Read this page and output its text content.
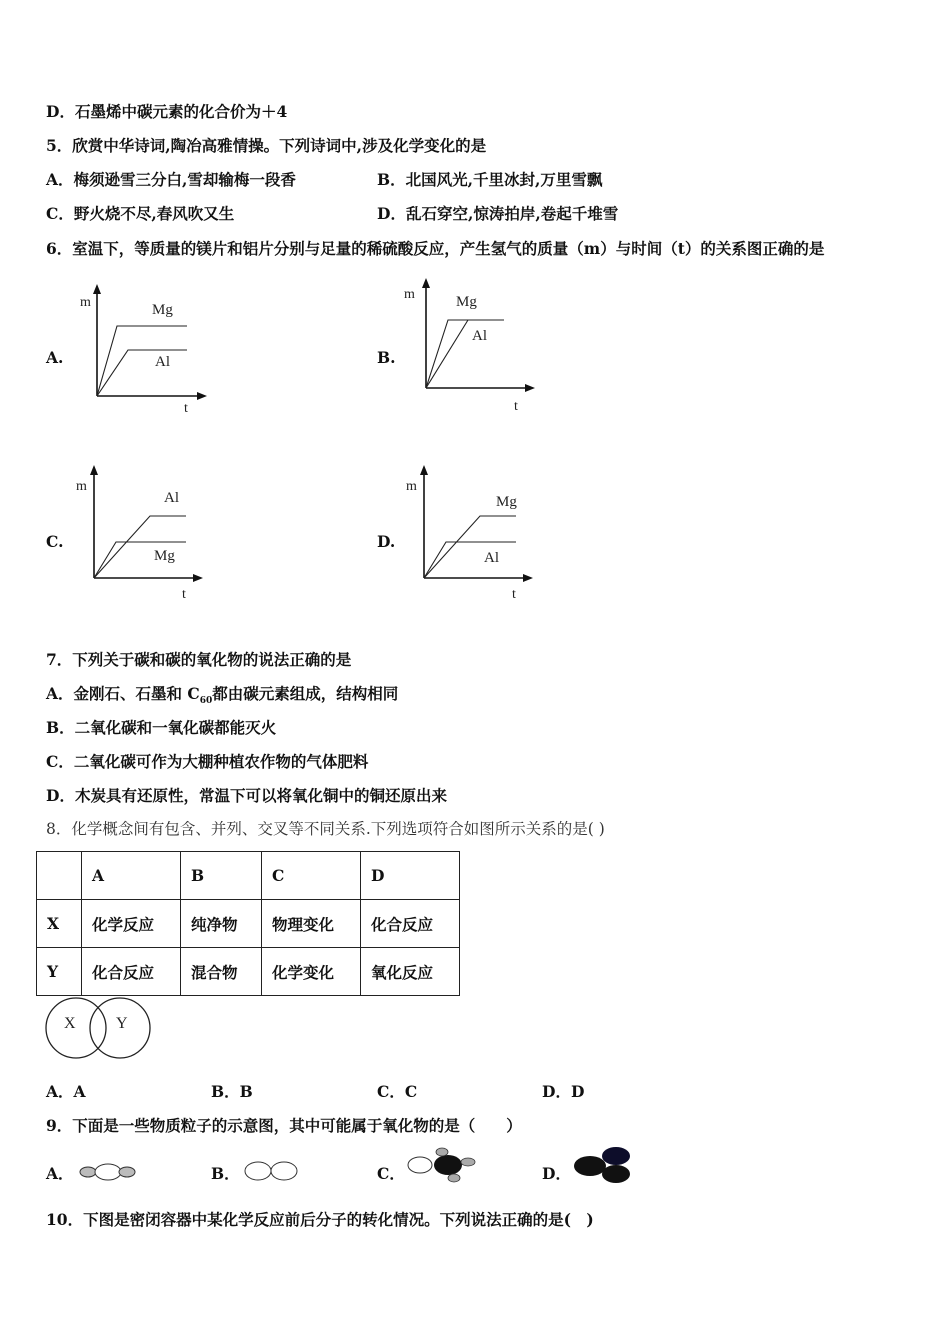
D．石墨烯中碳元素的化合价为＋4
5．欣赏中华诗词,陶冶高雅情操。下列诗词中,涉及化学变化的是
A．梅须逊雪三分白,雪却输梅一段香	B．北国风光,千里冰封,万里雪飘
C．野火烧不尽,春风吹又生	D．乱石穿空,惊涛拍岸,卷起千堆雪
6．室温下，等质量的镁片和铝片分别与足量的稀硫酸反应，产生氢气的质量（m）与时间（t）的关系图正确的是
A.
m
t
Mg
Al	B.
m
t
Mg
Al
C.
m
t
Al
Mg
D.
m
t
Mg
Al
7．下列关于碳和碳的氧化物的说法正确的是
A．金刚石、石墨和 $C_{60}$都由碳元素组成，结构相同
B．二氧化碳和一氧化碳都能灭火
C．二氧化碳可作为大棚种植农作物的气体肥料
D．木炭具有还原性，常温下可以将氧化铜中的铜还原出来
8．化学概念间有包含、并列、交叉等不同关系.下列选项符合如图所示关系的是( )
	A	B	C	D
X	化学反应	纯净物	物理变化	化合反应
Y	化合反应	混合物	化学变化	氧化反应
X	Y
A．A	B．B	C．C	D．D
9．下面是一些物质粒子的示意图，其中可能属于氧化物的是（　　）
A．	B．	C．	D．
10．下图是密闭容器中某化学反应前后分子的转化情况。下列说法正确的是(　)
